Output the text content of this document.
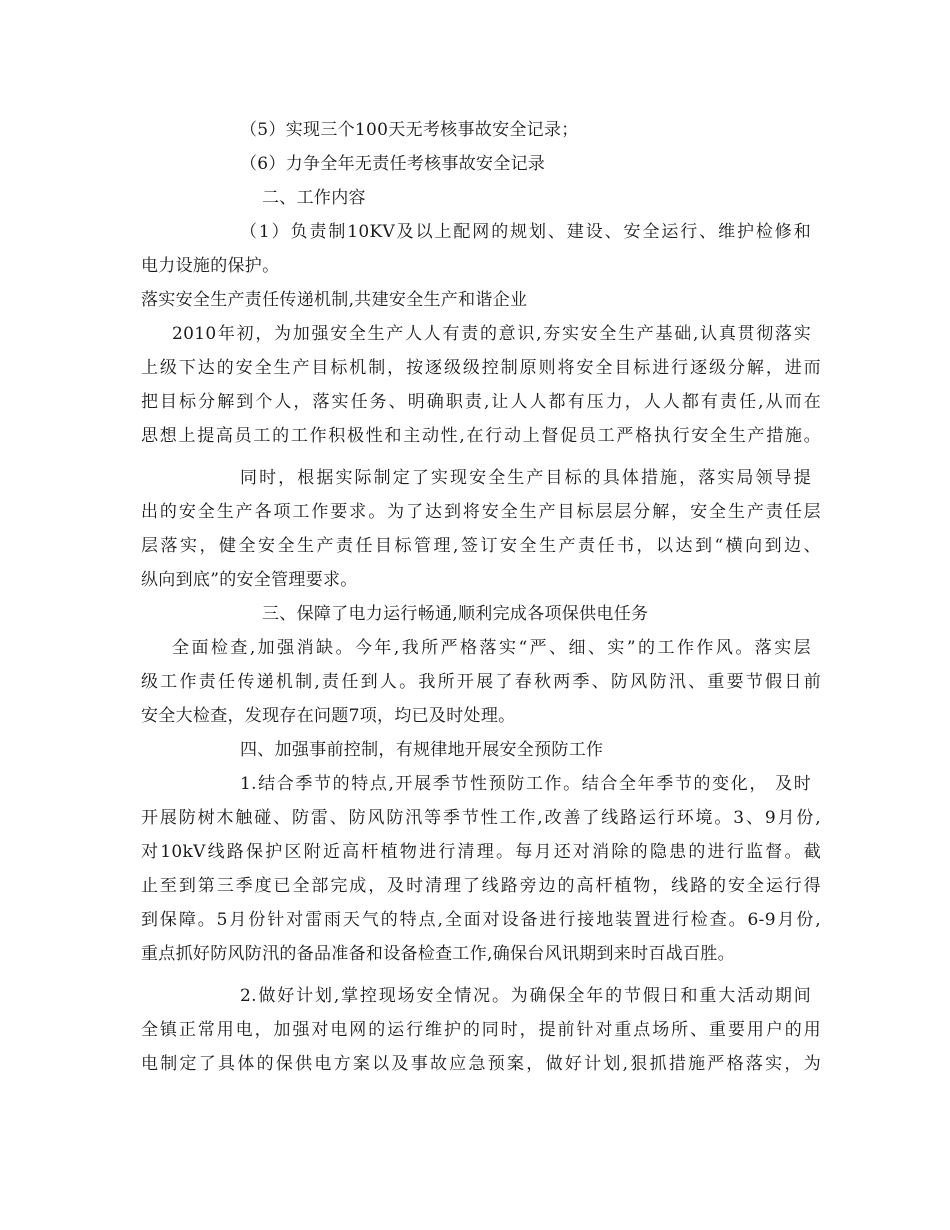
（5）实现三个100天无考核事故安全记录；
（6）力争全年无责任考核事故安全记录
二、工作内容
（1）负责制10KV及以上配网的规划、建设、安全运行、维护检修和
电力设施的保护。
落实安全生产责任传递机制,共建安全生产和谐企业
2010年初，为加强安全生产人人有责的意识,夯实安全生产基础,认真贯彻落实
上级下达的安全生产目标机制，按逐级级控制原则将安全目标进行逐级分解，进而
把目标分解到个人，落实任务、明确职责,让人人都有压力，人人都有责任,从而在
思想上提高员工的工作积极性和主动性,在行动上督促员工严格执行安全生产措施。
同时，根据实际制定了实现安全生产目标的具体措施，落实局领导提
出的安全生产各项工作要求。为了达到将安全生产目标层层分解，安全生产责任层
层落实，健全安全生产责任目标管理,签订安全生产责任书，以达到“横向到边、
纵向到底”的安全管理要求。
三、保障了电力运行畅通,顺利完成各项保供电任务
全面检查,加强消缺。今年,我所严格落实“严、细、实”的工作作风。落实层
级工作责任传递机制,责任到人。我所开展了春秋两季、防风防汛、重要节假日前
安全大检查，发现存在问题7项，均已及时处理。
四、加强事前控制，有规律地开展安全预防工作
1.结合季节的特点,开展季节性预防工作。结合全年季节的变化， 及时
开展防树木触碰、防雷、防风防汛等季节性工作,改善了线路运行环境。3、9月份,
对10kV线路保护区附近高杆植物进行清理。每月还对消除的隐患的进行监督。截
止至到第三季度已全部完成，及时清理了线路旁边的高杆植物，线路的安全运行得
到保障。5月份针对雷雨天气的特点,全面对设备进行接地装置进行检查。6-9月份,
重点抓好防风防汛的备品准备和设备检查工作,确保台风讯期到来时百战百胜。
2.做好计划,掌控现场安全情况。为确保全年的节假日和重大活动期间
全镇正常用电，加强对电网的运行维护的同时，提前针对重点场所、重要用户的用
电制定了具体的保供电方案以及事故应急预案，做好计划,狠抓措施严格落实，为
